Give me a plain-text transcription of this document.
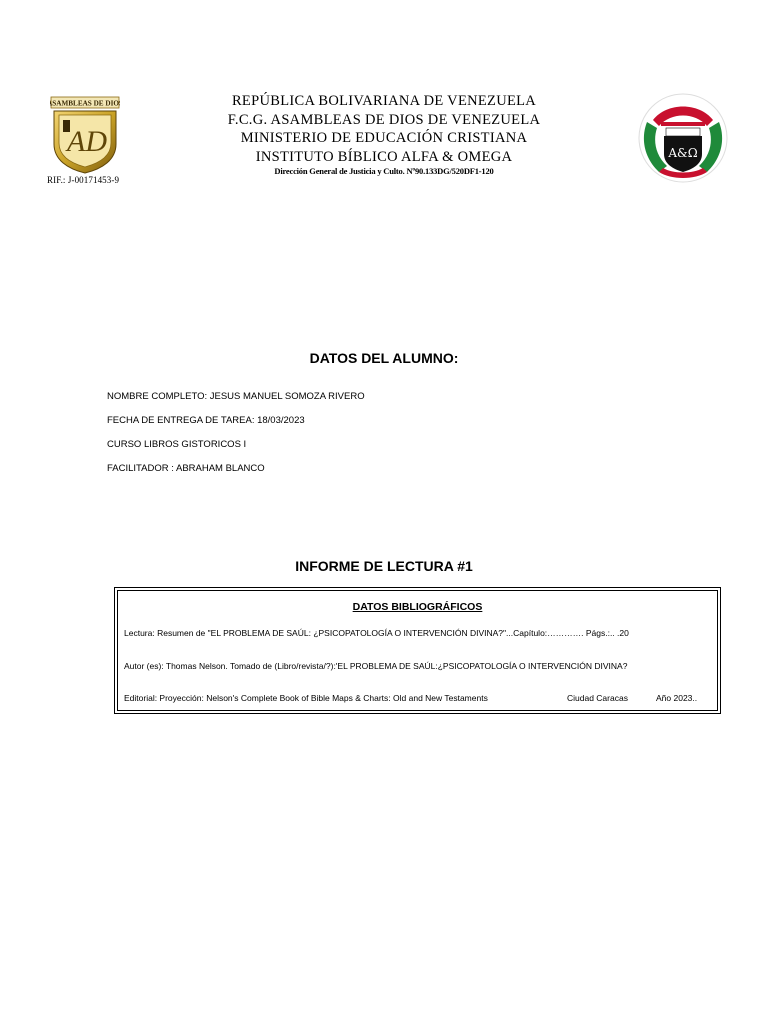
ASAMBLEAS DE DIOS
AD
RIF.: J-00171453-9
REPÚBLICA BOLIVARIANA DE VENEZUELA
F.C.G. ASAMBLEAS DE DIOS DE VENEZUELA
MINISTERIO DE EDUCACIÓN CRISTIANA
INSTITUTO BÍBLICO ALFA & OMEGA
Dirección General de Justicia y Culto. Nº90.133DG/520DF1-120
A&Ω
DATOS DEL ALUMNO:
NOMBRE COMPLETO: JESUS MANUEL SOMOZA RIVERO
FECHA DE ENTREGA DE TAREA: 18/03/2023
CURSO LIBROS GISTORICOS I
FACILITADOR : ABRAHAM BLANCO
INFORME DE LECTURA #1
DATOS BIBLIOGRÁFICOS
Lectura: Resumen de "EL PROBLEMA DE SAÚL: ¿PSICOPATOLOGÍA O INTERVENCIÓN DIVINA?"...Capítulo:…………. Págs.:.. .20
Autor (es): Thomas Nelson. Tomado de (Libro/revista/?):'EL PROBLEMA DE SAÚL:¿PSICOPATOLOGÍA O INTERVENCIÓN DIVINA?
Editorial: Proyección: Nelson's Complete Book of Bible Maps & Charts: Old and New Testaments	Ciudad Caracas	Año 2023..
